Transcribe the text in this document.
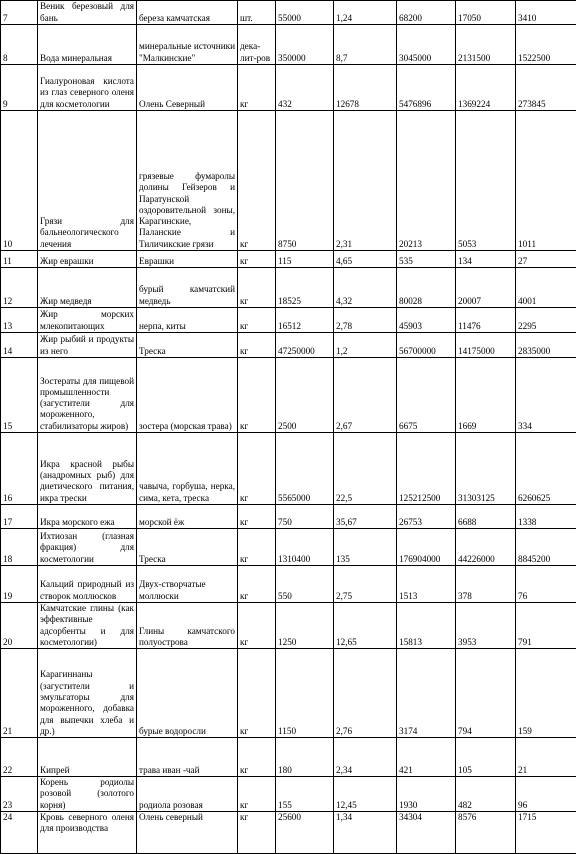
7	Веник березовый для бань	береза камчатская	шт.	55000	1,24	68200	17050	3410
8	Вода минеральная	минеральные источники "Малкинские"	дека-лит-ров	350000	8,7	3045000	2131500	1522500
9	Гиалуроновая кислота из глаз северного оленя для косметологии	Олень Северный	кг	432	12678	5476896	1369224	273845
10	Грязи для бальнеологического лечения	грязевые фумаролы долины Гейзеров и Паратунской оздоровительной зоны, Карагинские, Паланские и Тиличикские грязи	кг	8750	2,31	20213	5053	1011
11	Жир еврашки	Еврашки	кг	115	4,65	535	134	27
12	Жир медведя	бурый камчатский медведь	кг	18525	4,32	80028	20007	4001
13	Жир морских млекопитающих	нерпа, киты	кг	16512	2,78	45903	11476	2295
14	Жир рыбий и продукты из него	Треска	кг	47250000	1,2	56700000	14175000	2835000
15	Зостераты для пищевой промышленности (загустители для мороженного, стабилизаторы жиров)	зостера (морская трава)	кг	2500	2,67	6675	1669	334
16	Икра красной рыбы (анадромных рыб) для диетического питания, икра трески	чавыча, горбуша, нерка, сима, кета, треска	кг	5565000	22,5	125212500	31303125	6260625
17	Икра морского ежа	морской ёж	кг	750	35,67	26753	6688	1338
18	Ихтиозан (глазная фракция) для косметологии	Треска	кг	1310400	135	176904000	44226000	8845200
19	Кальций природный из створок моллюсков	Двух-створчатые моллюски	кг	550	2,75	1513	378	76
20	Камчатские глины (как эффективные адсорбенты и для косметологии)	Глины камчатского полуострова	кг	1250	12,65	15813	3953	791
21	Карагиннаны (загустители и эмульгаторы для мороженного, добавка для выпечки хлеба и др.)	бурые водоросли	кг	1150	2,76	3174	794	159
22	Кипрей	трава иван -чай	кг	180	2,34	421	105	21
23	Корень родиолы розовой (золотого корня)	родиола розовая	кг	155	12,45	1930	482	96
24	Кровь северного оленя для производства	Олень северный	кг	25600	1,34	34304	8576	1715
